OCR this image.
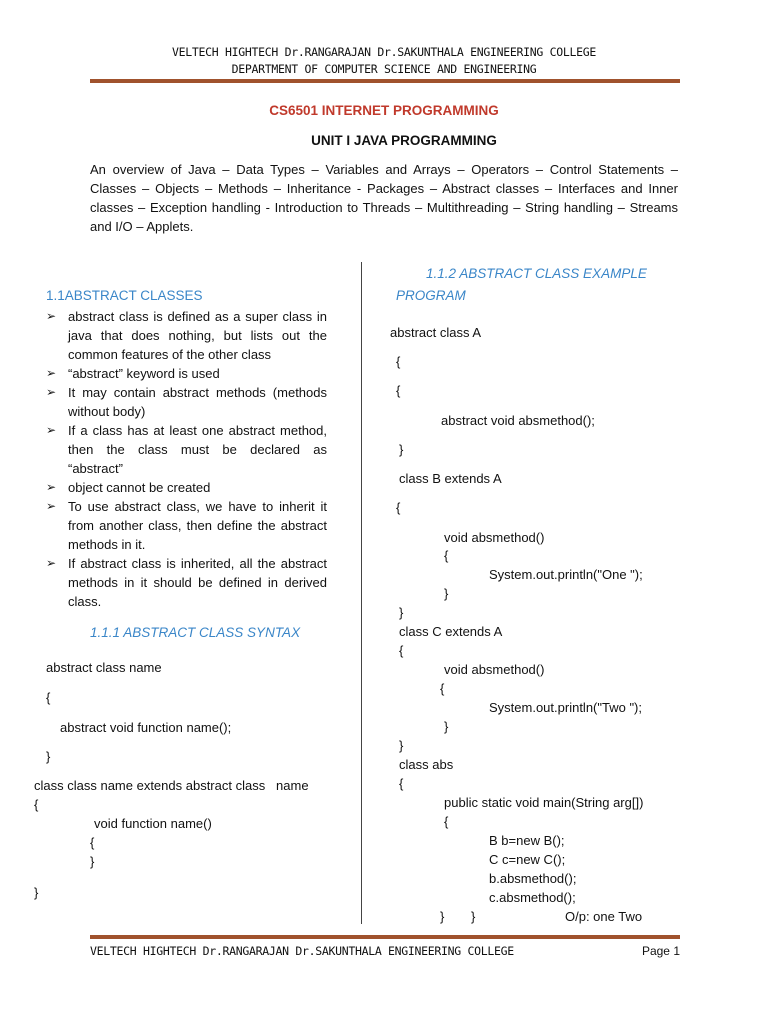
VELTECH HIGHTECH Dr.RANGARAJAN Dr.SAKUNTHALA ENGINEERING COLLEGE
DEPARTMENT OF COMPUTER SCIENCE AND ENGINEERING
CS6501 INTERNET PROGRAMMING
UNIT I JAVA PROGRAMMING
An overview of Java – Data Types – Variables and Arrays – Operators – Control Statements – Classes – Objects – Methods – Inheritance - Packages – Abstract classes – Interfaces and Inner classes – Exception handling - Introduction to Threads – Multithreading – String handling – Streams and I/O – Applets.
1.1ABSTRACT CLASSES
➢ abstract class is defined as a super class in java that does nothing, but lists out the common features of the other class
➢ “abstract” keyword is used
➢ It may contain abstract methods (methods without body)
➢ If a class has at least one abstract method, then the class must be declared as “abstract”
➢ object cannot be created
➢ To use abstract class, we have to inherit it from another class, then define the abstract methods in it.
➢ If abstract class is inherited, all the abstract methods in it should be defined in derived class.
1.1.1 ABSTRACT CLASS SYNTAX
abstract class name
{
abstract void function name();
}
class class name extends abstract class   name
{
void function name()
{
}
}
1.1.2 ABSTRACT CLASS EXAMPLE
PROGRAM
abstract class A
{
{
abstract void absmethod();
}
class B extends A
{
void absmethod()
{
System.out.println("One ");
}
}
class C extends A
{
void absmethod()
{
System.out.println("Two ");
}
}
class abs
{
public static void main(String arg[])
{
B b=new B();
C c=new C();
b.absmethod();
c.absmethod();
} }	O/p: one Two
VELTECH HIGHTECH Dr.RANGARAJAN Dr.SAKUNTHALA ENGINEERING COLLEGE	Page 1
